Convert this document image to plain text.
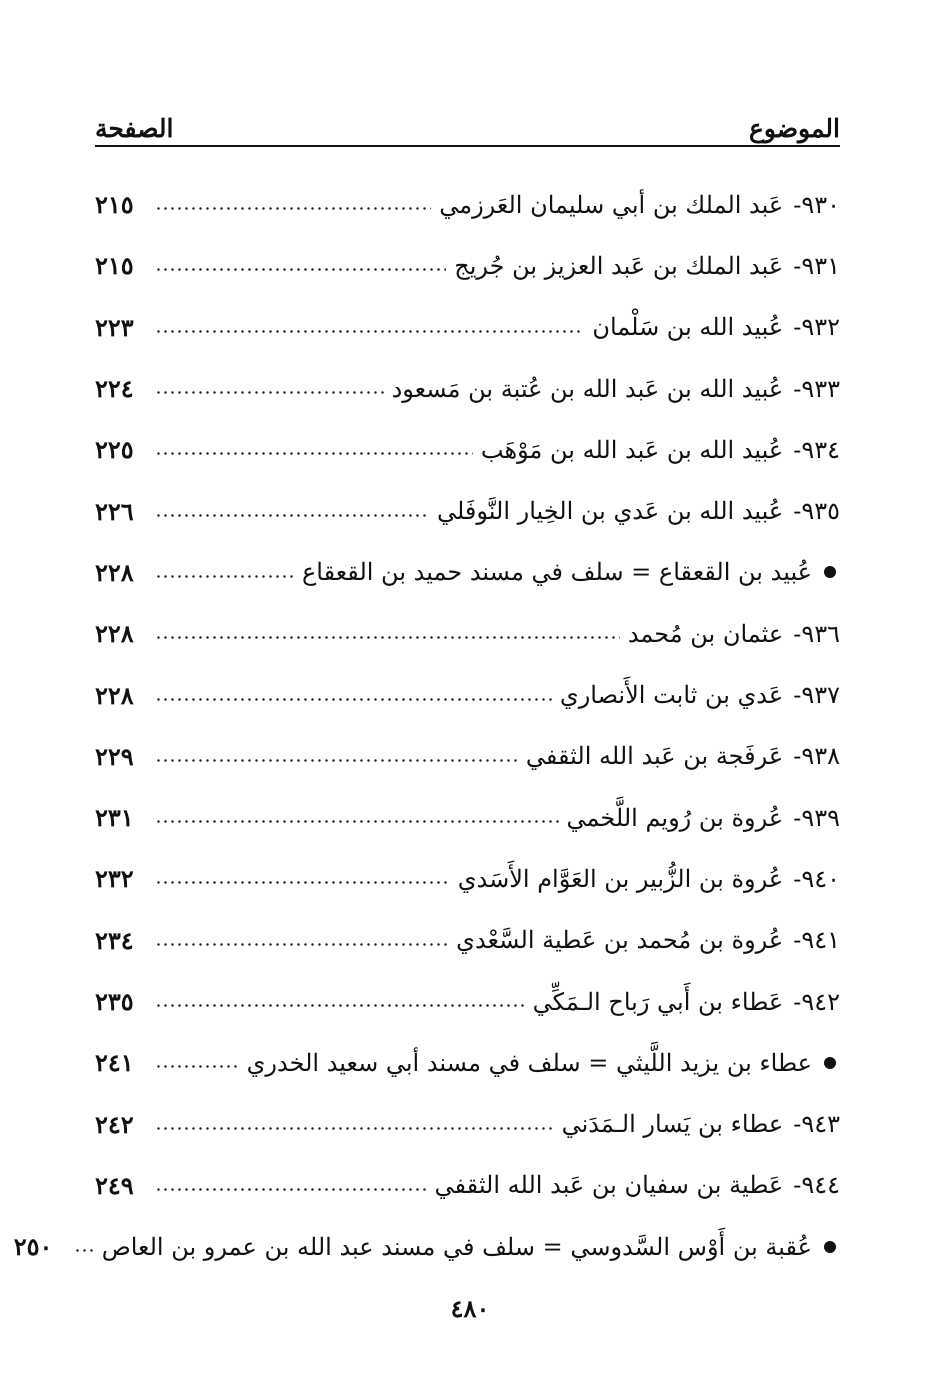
الموضوع
الصفحة
٩٣٠-
عَبد الملك بن أبي سليمان العَرزمي
٢١٥
٩٣١-
عَبد الملك بن عَبد العزيز بن جُريج
٢١٥
٩٣٢-
عُبيد الله بن سَلْمان
٢٢٣
٩٣٣-
عُبيد الله بن عَبد الله بن عُتبة بن مَسعود
٢٢٤
٩٣٤-
عُبيد الله بن عَبد الله بن مَوْهَب
٢٢٥
٩٣٥-
عُبيد الله بن عَدي بن الخِيار النَّوفَلي
٢٢٦
عُبيد بن القعقاع = سلف في مسند حميد بن القعقاع
٢٢٨
٩٣٦-
عثمان بن مُحمد
٢٢٨
٩٣٧-
عَدي بن ثابت الأَنصاري
٢٢٨
٩٣٨-
عَرفَجة بن عَبد الله الثقفي
٢٢٩
٩٣٩-
عُروة بن رُويم اللَّخمي
٢٣١
٩٤٠-
عُروة بن الزُّبير بن العَوَّام الأَسَدي
٢٣٢
٩٤١-
عُروة بن مُحمد بن عَطية السَّعْدي
٢٣٤
٩٤٢-
عَطاء بن أَبي رَباح الـمَكِّي
٢٣٥
عطاء بن يزيد اللَّيثي = سلف في مسند أبي سعيد الخدري
٢٤١
٩٤٣-
عطاء بن يَسار الـمَدَني
٢٤٢
٩٤٤-
عَطية بن سفيان بن عَبد الله الثقفي
٢٤٩
عُقبة بن أَوْس السَّدوسي = سلف في مسند عبد الله بن عمرو بن العاص
٢٥٠
٤٨٠
